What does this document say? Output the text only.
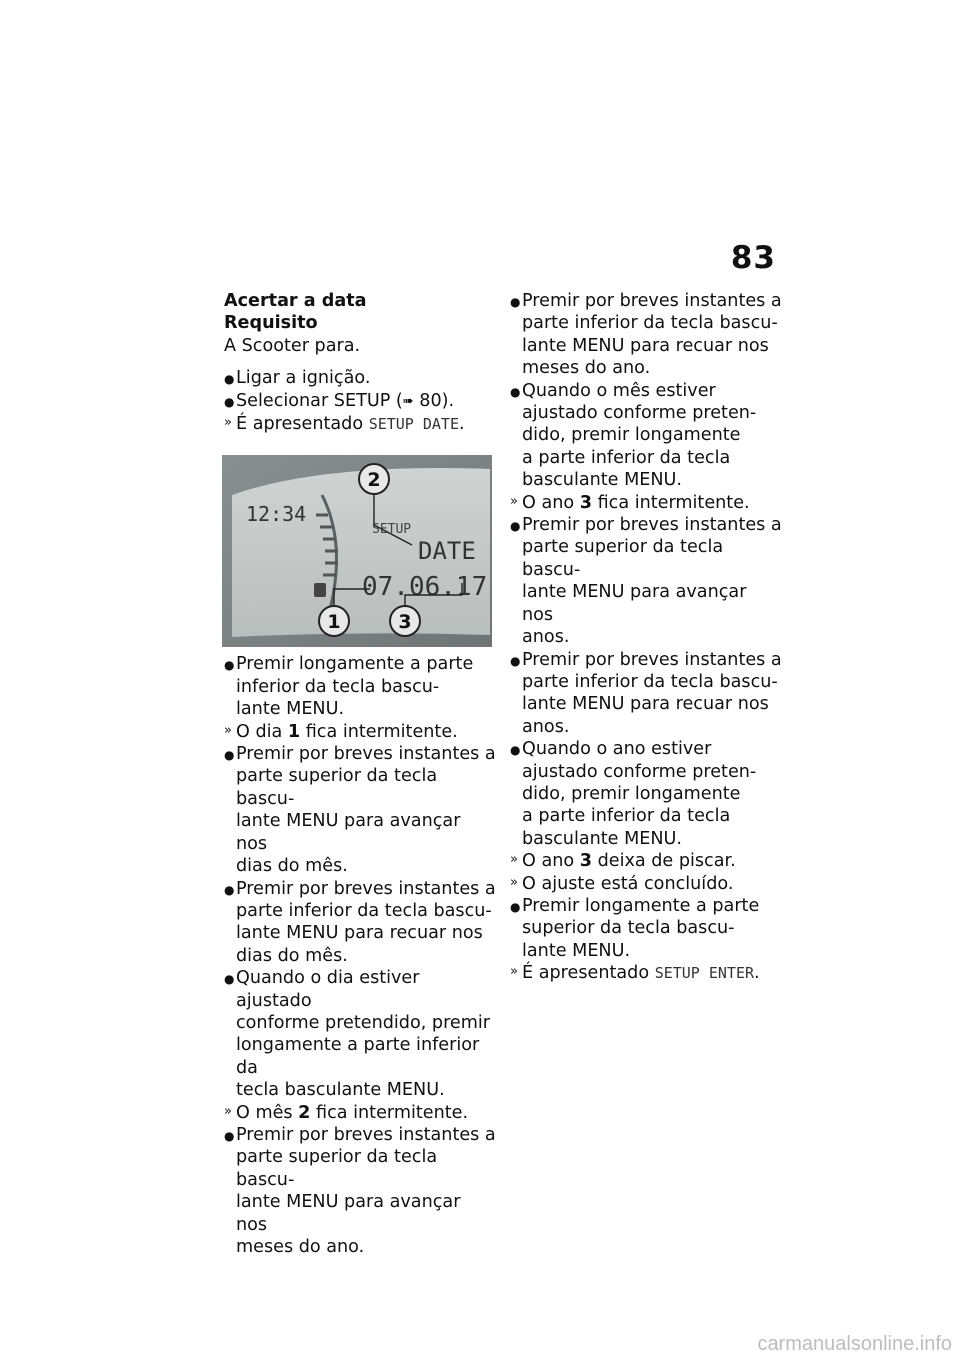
83
Acertar a data
Requisito
A Scooter para.
● Ligar a ignição.
● Selecionar SETUP (➠ 80).
» É apresentado SETUP DATE.
12:34
SETUP
DATE
07.06.17
2
1	3
● Premir longamente a parte
inferior da tecla bascu-
lante MENU.
» O dia 1 fica intermitente.
● Premir por breves instantes a
parte superior da tecla bascu-
lante MENU para avançar nos
dias do mês.
● Premir por breves instantes a
parte inferior da tecla bascu-
lante MENU para recuar nos
dias do mês.
● Quando o dia estiver ajustado
conforme pretendido, premir
longamente a parte inferior da
tecla basculante MENU.
» O mês 2 fica intermitente.
● Premir por breves instantes a
parte superior da tecla bascu-
lante MENU para avançar nos
meses do ano.
● Premir por breves instantes a
parte inferior da tecla bascu-
lante MENU para recuar nos
meses do ano.
● Quando o mês estiver
ajustado conforme preten-
dido, premir longamente
a parte inferior da tecla
basculante MENU.
» O ano 3 fica intermitente.
● Premir por breves instantes a
parte superior da tecla bascu-
lante MENU para avançar nos
anos.
● Premir por breves instantes a
parte inferior da tecla bascu-
lante MENU para recuar nos
anos.
● Quando o ano estiver
ajustado conforme preten-
dido, premir longamente
a parte inferior da tecla
basculante MENU.
» O ano 3 deixa de piscar.
» O ajuste está concluído.
● Premir longamente a parte
superior da tecla bascu-
lante MENU.
» É apresentado SETUP ENTER.
carmanualsonline.info
